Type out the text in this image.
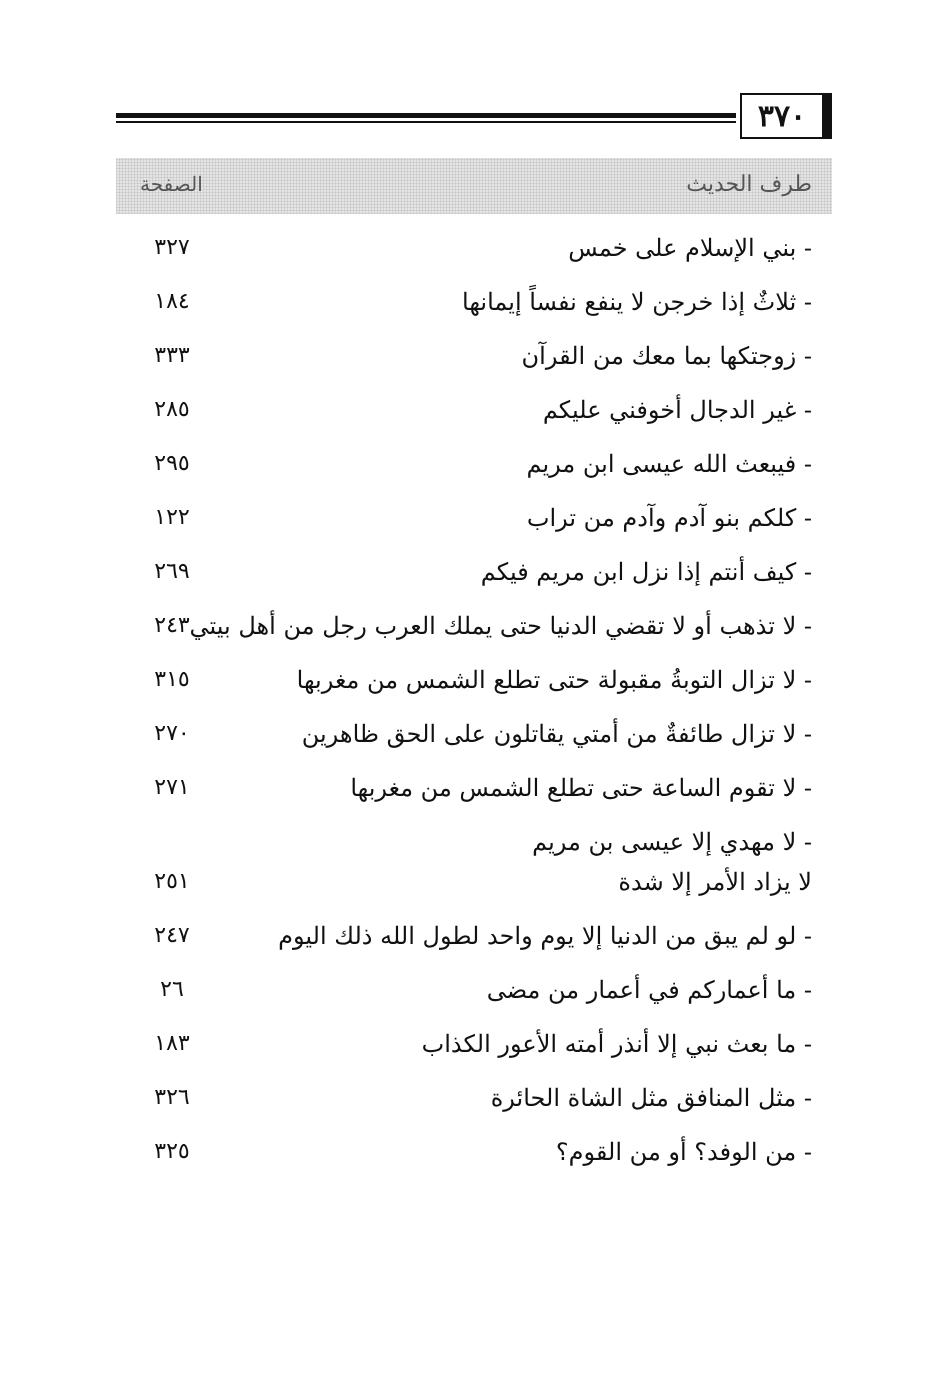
٣٧٠
طرف الحديث
الصفحة
- بني الإسلام على خمس
٣٢٧
- ثلاثٌ إذا خرجن لا ينفع نفساً إيمانها
١٨٤
- زوجتكها بما معك من القرآن
٣٣٣
- غير الدجال أخوفني عليكم
٢٨٥
- فيبعث الله عيسى ابن مريم
٢٩٥
- كلكم بنو آدم وآدم من تراب
١٢٢
- كيف أنتم إذا نزل ابن مريم فيكم
٢٦٩
- لا تذهب أو لا تقضي الدنيا حتى يملك العرب رجل من أهل بيتي
٢٤٣
- لا تزال التوبةُ مقبولة حتى تطلع الشمس من مغربها
٣١٥
- لا تزال طائفةٌ من أمتي يقاتلون على الحق ظاهرين
٢٧٠
- لا تقوم الساعة حتى تطلع الشمس من مغربها
٢٧١
- لا مهدي إلا عيسى بن مريم
لا يزاد الأمر إلا شدة
٢٥١
- لو لم يبق من الدنيا إلا يوم واحد لطول الله ذلك اليوم
٢٤٧
- ما أعماركم في أعمار من مضى
٢٦
- ما بعث نبي إلا أنذر أمته الأعور الكذاب
١٨٣
- مثل المنافق مثل الشاة الحائرة
٣٢٦
- من الوفد؟ أو من القوم؟
٣٢٥
